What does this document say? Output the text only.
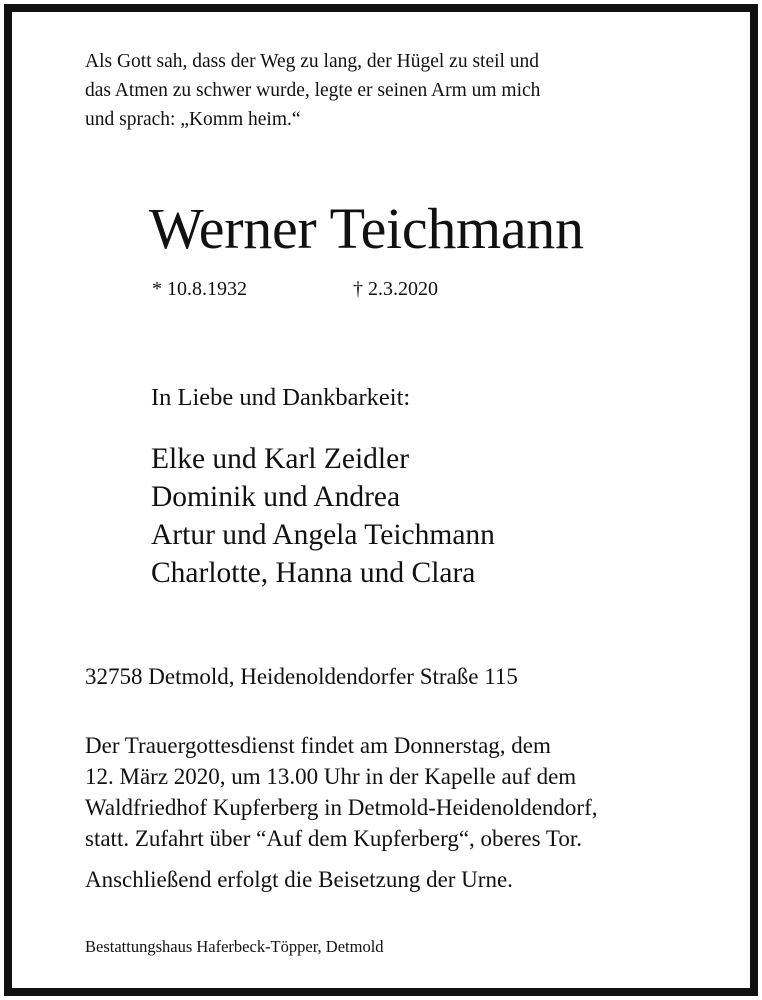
Als Gott sah, dass der Weg zu lang, der Hügel zu steil und
das Atmen zu schwer wurde, legte er seinen Arm um mich
und sprach: „Komm heim.“
Werner Teichmann
* 10.8.1932	† 2.3.2020
In Liebe und Dankbarkeit:
Elke und Karl Zeidler
Dominik und Andrea
Artur und Angela Teichmann
Charlotte, Hanna und Clara
32758 Detmold, Heidenoldendorfer Straße 115
Der Trauergottesdienst findet am Donnerstag, dem
12. März 2020, um 13.00 Uhr in der Kapelle auf dem
Waldfriedhof Kupferberg in Detmold-Heidenoldendorf,
statt. Zufahrt über “Auf dem Kupferberg“, oberes Tor.
Anschließend erfolgt die Beisetzung der Urne.
Bestattungshaus Haferbeck-Töpper, Detmold
